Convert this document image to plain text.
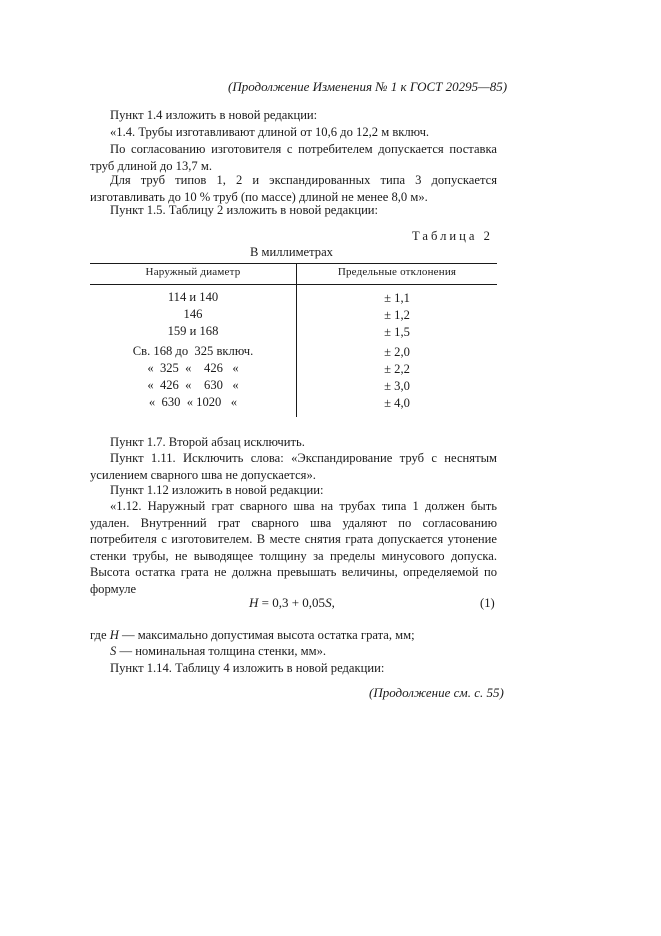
(Продолжение Изменения № 1 к ГОСТ 20295—85)
Пункт 1.4 изложить в новой редакции:
«1.4. Трубы изготавливают длиной от 10,6 до 12,2 м включ.
По согласованию изготовителя с потребителем допускается поставка труб длиной до 13,7 м.
Для труб типов 1, 2 и экспандированных типа 3 допускается изготавливать до 10 % труб (по массе) длиной не менее 8,0 м».
Пункт 1.5. Таблицу 2 изложить в новой редакции:
Таблица 2
В миллиметрах
Наружный диаметр	Предельные отклонения
114 и 140	± 1,1
146	± 1,2
159 и 168	± 1,5
Св. 168 до  325 включ.	± 2,0
«  325  «    426   «	± 2,2
«  426  «    630   «	± 3,0
«  630  « 1020   «	± 4,0
Пункт 1.7. Второй абзац исключить.
Пункт 1.11. Исключить слова: «Экспандирование труб с неснятым усилением сварного шва не допускается».
Пункт 1.12 изложить в новой редакции:
«1.12. Наружный грат сварного шва на трубах типа 1 должен быть удален. Внутренний грат сварного шва удаляют по согласованию потребителя с изготовителем. В месте снятия грата допускается утонение стенки трубы, не выводящее толщину за пределы минусового допуска. Высота остатка грата не должна превышать величины, определяемой по формуле
H = 0,3 + 0,05S,	(1)
где H — максимально допустимая высота остатка грата, мм;
S — номинальная толщина стенки, мм».
Пункт 1.14. Таблицу 4 изложить в новой редакции:
(Продолжение см. с. 55)
